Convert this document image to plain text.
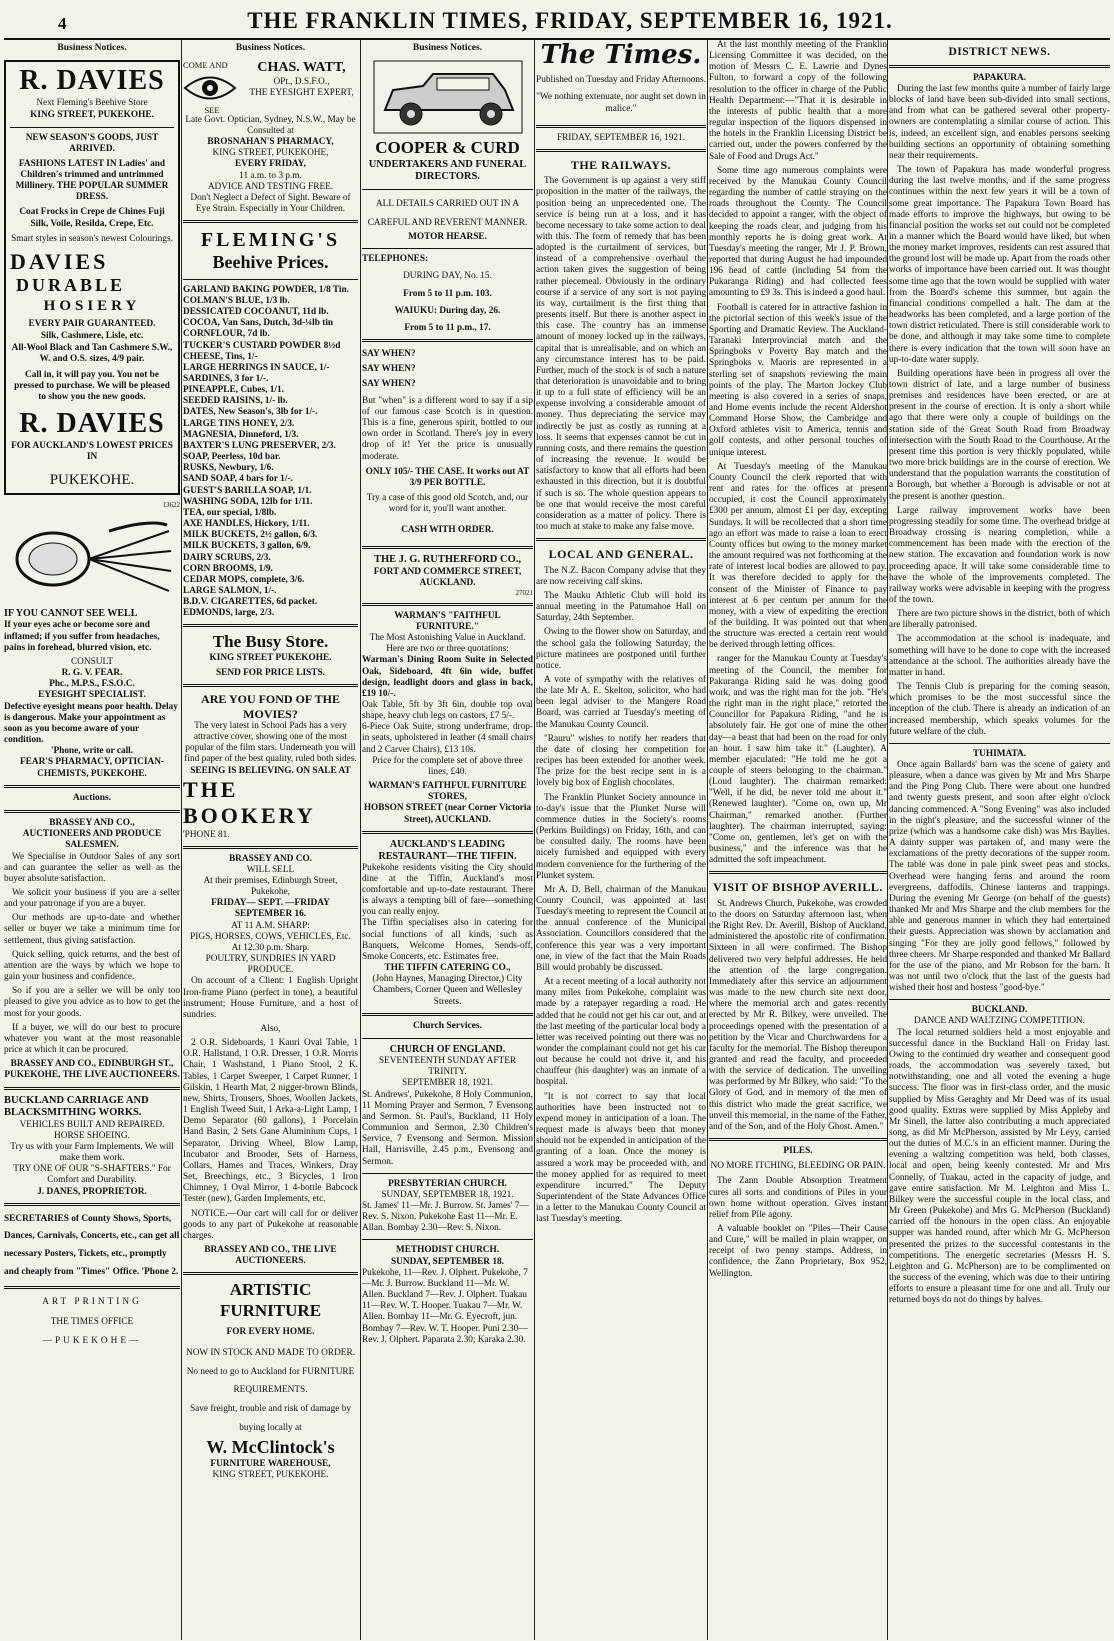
4	THE FRANKLIN TIMES, FRIDAY, SEPTEMBER 16, 1921.
Business Notices.

R. DAVIES

Next Fleming's Beehive Store

KING STREET, PUKEKOHE.

NEW SEASON'S GOODS, JUST ARRIVED.

FASHIONS LATEST IN Ladies' and Children's trimmed and untrimmed Millinery. THE POPULAR SUMMER DRESS.

Coat Frocks in Crepe de Chines Fuji Silk, Voile, Resilda, Crepe, Etc.

Smart styles in season's newest Colourings.

DAVIES
DURABLE
HOSIERY

EVERY PAIR GUARANTEED.

Silk, Cashmere, Lisle, etc.

All-Wool Black and Tan Cashmere S.W., W. and O.S. sizes, 4/9 pair.

Call in, it will pay you. You not be pressed to purchase. We will be pleased to show you the new goods.

R. DAVIES

FOR AUCKLAND'S LOWEST PRICES IN

PUKEKOHE.

13622
IF YOU CANNOT SEE WELL
If your eyes ache or become sore and inflamed; if you suffer from headaches, pains in forehead, blurred vision, etc.
CONSULT
R. G. V. FEAR.
Phc., M.P.S., F.S.O.C.
EYESIGHT SPECIALIST.
Defective eyesight means poor health. Delay is dangerous. Make your appointment as soon as you become aware of your condition.
'Phone, write or call.
FEAR'S PHARMACY, OPTICIAN-CHEMISTS, PUKEKOHE.
Auctions.
BRASSEY AND CO.,
AUCTIONEERS AND PRODUCE SALESMEN.

We Specialise in Outdoor Sales of any sort and can guarantee the seller as well as the buyer absolute satisfaction.

We solicit your business if you are a seller and your patronage if you are a buyer.

Our methods are up-to-date and whether seller or buyer we take a minimum time for settlement, thus giving satisfaction.

Quick selling, quick returns, and the best of attention are the ways by which we hope to gain your business and confidence.

So if you are a seller we will be only too pleased to give you advice as to how to get the most for your goods.

If a buyer, we will do our best to procure whatever you want at the most reasonable price at which it can be procured.

BRASSEY AND CO., EDINBURGH ST., PUKEKOHE, THE LIVE AUCTIONEERS.
BUCKLAND CARRIAGE AND BLACKSMITHING WORKS.
VEHICLES BUILT AND REPAIRED. HORSE SHOEING.
Try us with your Farm Implements. We will make them work.
TRY ONE OF OUR "S-SHAFTERS." For Comfort and Durability.
J. DANES, PROPRIETOR.
SECRETARIES of County Shows, Sports, Dances, Carnivals, Concerts, etc., can get all necessary Posters, Tickets, etc., promptly and cheaply from "Times" Office. 'Phone 2.
ART PRINTING
THE TIMES OFFICE
—PUKEKOHE—
Business Notices.
COME AND
SEE
CHAS. WATT,
OPt., D.S.F.O.,
THE EYESIGHT EXPERT,
Late Govt. Optician, Sydney, N.S.W., May be Consulted at
BROSNAHAN'S PHARMACY,
KING STREET, PUKEKOHE,
EVERY FRIDAY,
11 a.m. to 3 p.m.
ADVICE AND TESTING FREE.
Don't Neglect a Defect of Sight. Beware of Eye Strain. Especially in Your Children.
FLEMING'S
Beehive Prices.
GARLAND BAKING POWDER, 1/8 Tin.
COLMAN'S BLUE, 1/3 lb.
DESSICATED COCOANUT, 11d lb.
COCOA, Van Sans, Dutch, 3d-¼lb tin
CORNFLOUR, 7d lb.
TUCKER'S CUSTARD POWDER 8½d
CHEESE, Tins, 1/-
LARGE HERRINGS IN SAUCE, 1/-
SARDINES, 3 for 1/-.
PINEAPPLE, Cubes, 1/1.
SEEDED RAISINS, 1/- lb.
DATES, New Season's, 3lb for 1/-.
LARGE TINS HONEY, 2/3.
MAGNESIA, Dinneford, 1/3.
BAXTER'S LUNG PRESERVER, 2/3.
SOAP, Peerless, 10d bar.
RUSKS, Newbury, 1/6.
SAND SOAP, 4 bars for 1/-.
GUEST'S BARILLA SOAP, 1/1.
WASHING SODA, 12lb for 1/11.
TEA, our special, 1/8lb.
AXE HANDLES, Hickory, 1/11.
MILK BUCKETS, 2½ gallon, 6/3.
MILK BUCKETS, 3 gallon, 6/9.
DAIRY SCRUBS, 2/3.
CORN BROOMS, 1/9.
CEDAR MOPS, complete, 3/6.
LARGE SALMON, 1/-.
B.D.V. CIGARETTES, 6d packet.
EDMONDS, large, 2/3.
The Busy Store.
KING STREET PUKEKOHE.
SEND FOR PRICE LISTS.
ARE YOU FOND OF THE MOVIES?
The very latest in School Pads has a very attractive cover, showing one of the most popular of the film stars. Underneath you will find paper of the best quality, ruled both sides.
SEEING IS BELIEVING. ON SALE AT
THE BOOKERY
'PHONE 81.
BRASSEY AND CO.
WILL SELL
At their premises, Edinburgh Street, Pukekohe,
FRIDAY— SEPT. —FRIDAY SEPTEMBER 16.
AT 11 A.M. SHARP:
PIGS, HORSES, COWS, VEHICLES, Etc.
At 12.30 p.m. Sharp.
POULTRY, SUNDRIES IN YARD PRODUCE.

On account of a Client: 1 English Upright Iron-frame Piano (perfect in tone), a beautiful instrument; House Furniture, and a host of sundries.

Also,

2 O.R. Sideboards, 1 Kauri Oval Table, 1 O.R. Hallstand, 1 O.R. Dresser, 1 O.R. Morris Chair, 1 Washstand, 1 Piano Stool, 2 K. Tables, 1 Carpet Sweeper, 1 Carpet Runner, 1 Gilskin, 1 Hearth Mat, 2 nigger-brown Blinds, new, Shirts, Trousers, Shoes, Woollen Jackets, 1 English Tweed Suit, 1 Arka-a-Light Lamp, 1 Demo Separator (60 gallons), 1 Porcelain Hand Basin, 2 Sets Gane Aluminium Cups, 1 Separator, Driving Wheel, Blow Lamp, Incubator and Brooder, Sets of Harness, Collars, Hames and Traces, Winkers, Dray Set, Breechings, etc., 3 Bicycles, 1 Iron Chimney, 1 Oval Mirror, 1 4-bottle Babcock Tester (new), Garden Implements, etc.

NOTICE.—Our cart will call for or deliver goods to any part of Pukekohe at reasonable charges.

BRASSEY AND CO., THE LIVE AUCTIONEERS.
ARTISTIC FURNITURE
FOR EVERY HOME.
NOW IN STOCK AND MADE TO ORDER.
No need to go to Auckland for FURNITURE REQUIREMENTS.
Save freight, trouble and risk of damage by buying locally at
W. McClintock's
FURNITURE WAREHOUSE,
KING STREET, PUKEKOHE.
Business Notices.
COOPER & CURD
UNDERTAKERS AND FUNERAL DIRECTORS.
ALL DETAILS CARRIED OUT IN A CAREFUL AND REVERENT MANNER.
MOTOR HEARSE.
TELEPHONES:
DURING DAY, No. 15.
From 5 to 11 p.m. 103.
WAIUKU: During day, 26.
From 5 to 11 p.m., 17.
SAY WHEN?
SAY WHEN?
SAY WHEN?
But "when" is a different word to say if a sip of our famous case Scotch is in question. This is a fine, generous spirit, bottled to our own order in Scotland. There's joy in every drop of it! Yet the price is unusually moderate.
ONLY 105/- THE CASE. It works out AT 3/9 PER BOTTLE.
Try a case of this good old Scotch, and, our word for it, you'll want another.
CASH WITH ORDER.
THE J. G. RUTHERFORD CO.,
FORT AND COMMERCE STREET, AUCKLAND.
27021
WARMAN'S "FAITHFUL FURNITURE."
The Most Astonishing Value in Auckland. Here are two or three quotations:
Warman's Dining Room Suite in Selected Oak, Sideboard, 4ft 6in wide, buffet design, leadlight doors and glass in back, £19 10/-.
Oak Table, 5ft by 3ft 6in, double top oval shape, heavy club legs on castors, £7 5/-.
6-Piece Oak Suite, strong underframe, drop-in seats, upholstered in leather (4 small chairs and 2 Carver Chairs), £13 10s.
Price for the complete set of above three lines, £40.
WARMAN'S FAITHFUL FURNITURE STORES,
HOBSON STREET (near Corner Victoria Street), AUCKLAND.
AUCKLAND'S LEADING RESTAURANT—THE TIFFIN.
Pukekohe residents visiting the City should dine at the Tiffin, Auckland's most comfortable and up-to-date restaurant. There is always a tempting bill of fare—something you can really enjoy.
The Tiffin specialises also in catering for social functions of all kinds, such as Banquets, Welcome Homes, Sends-off, Smoke Concerts, etc. Estimates free.
THE TIFFIN CATERING CO.,
(John Haynes, Managing Director,) City Chambers, Corner Queen and Wellesley Streets.
Church Services.
CHURCH OF ENGLAND.
SEVENTEENTH SUNDAY AFTER TRINITY.
SEPTEMBER 18, 1921.
St. Andrews', Pukekohe, 8 Holy Communion, 11 Morning Prayer and Sermon, 7 Evensong and Sermon. St. Paul's, Buckland, 11 Holy Communion and Sermon, 2.30 Children's Service, 7 Evensong and Sermon. Mission Hall, Harrisville, 2.45 p.m., Evensong and Sermon.
PRESBYTERIAN CHURCH.
SUNDAY, SEPTEMBER 18, 1921.
St. James' 11—Mr. J. Burrow. St. James' 7—Rev. S. Nixon. Pukekohe East 11—Mr. E. Allan. Bombay 2.30—Rev. S. Nixon.
METHODIST CHURCH.
SUNDAY, SEPTEMBER 18.
Pukekohe, 11—Rev. J. Olphert. Pukekohe, 7—Mr. J. Burrow. Buckland 11—Mr. W. Allen. Buckland 7—Rev. J. Olphert. Tuakau 11—Rev. W. T. Hooper. Tuakau 7—Mr. W. Allen. Bombay 11—Mr. G. Eyecroft, jun. Bombay 7—Rev. W. T. Hooper. Puni 2.30—Rev. J. Olphert. Paparata 2.30; Karaka 2.30.
The Times.
Published on Tuesday and Friday Afternoons.
"We nothing extenuate, nor aught set down in malice."
FRIDAY, SEPTEMBER 16, 1921.
THE RAILWAYS.

The Government is up against a very stiff proposition in the matter of the railways, the position being an unprecedented one. The service is being run at a loss, and it has become necessary to take some action to deal with this. The form of remedy that has been adopted is the curtailment of services, but instead of a comprehensive overhaul the action taken gives the suggestion of being rather piecemeal. Obviously in the ordinary course if a service of any sort is not paying its way, curtailment is the first thing that presents itself. But there is another aspect in this case. The country has an immense amount of money locked up in the railways, capital that is unrealisable, and on which an any circumstance interest has to be paid. Further, much of the stock is of such a nature that deterioration is unavoidable and to bring it up to a full state of efficiency will be an expense involving a considerable amount of money. Thus depreciating the service may indirectly be just as costly as running at a loss. It seems that expenses cannot be cut in running costs, and there remains the question of increasing the revenue. It would be satisfactory to know that all efforts had been exhausted in this direction, but it is doubtful if such is so. The whole question appears to be one that would receive the most careful consideration as a matter of policy. There is too much at stake to make any false move.

LOCAL AND GENERAL.

The N.Z. Bacon Company advise that they are now receiving calf skins.

The Mauku Athletic Club will hold its annual meeting in the Patumahoe Hall on Saturday, 24th September.

Owing to the flower show on Saturday, and the school gala the following Saturday, the picture matinees are postponed until further notice.

A vote of sympathy with the relatives of the late Mr A. E. Skelton, solicitor, who had been legal adviser to the Mangere Road Board, was carried at Tuesday's meeting of the Manukau County Council.

"Rauru" wishes to notify her readers that the date of closing her competition for recipes has been extended for another week. The prize for the best recipe sent in is a lovely big box of English chocolates.

The Franklin Plunket Society announce in to-day's issue that the Plunket Nurse will commence duties in the Society's rooms (Perkins Buildings) on Friday, 16th, and can be consulted daily. The rooms have been nicely furnished and equipped with every modern convenience for the furthering of the Plunket system.

Mr A. D. Bell, chairman of the Manukau County Council, was appointed at last Tuesday's meeting to represent the Council at the annual conference of the Municipal Association. Councillors considered that the conference this year was a very important one, in view of the fact that the Main Roads Bill would probably be discussed.

At a recent meeting of a local authority not many miles from Pukekohe, complaint was made by a ratepayer regarding a road. He added that he could not get his car out, and at the last meeting of the particular local body a letter was received pointing out there was no wonder the complainant could not get his car out because he could not drive it, and his chauffeur (his daughter) was an inmate of a hospital.

"It is not correct to say that local authorities have been instructed not to expend money in anticipation of a loan. The request made is always been that money should not be expended in anticipation of the granting of a loan. Once the money is assured a work may be proceeded with, and the money applied for as required to meet expenditure incurred." The Deputy Superintendent of the State Advances Office in a letter to the Manukau County Council at last Tuesday's meeting.

At the last monthly meeting of the Franklin Licensing Committee it was decided, on the motion of Messrs C. E. Lawrie and Dynes Fulton, to forward a copy of the following resolution to the officer in charge of the Public Health Department:—"That it is desirable in the interests of public health that a more regular inspection of the liquors dispensed in the hotels in the Franklin Licensing District be carried out, under the powers conferred by the Sale of Food and Drugs Act."

Some time ago numerous complaints were received by the Manukau County Council regarding the number of cattle straying on the roads throughout the County. The Council decided to appoint a ranger, with the object of keeping the roads clear, and judging from his monthly reports he is doing great work. At Tuesday's meeting the ranger, Mr J. P. Brown, reported that during August he had impounded 196 head of cattle (including 54 from the Pukaranga Riding) and had collected fees amounting to £9 3s. This is indeed a good haul.

Football is catered for in attractive fashion in the pictorial section of this week's issue of the Sporting and Dramatic Review. The Auckland-Taranaki Interprovincial match and the Springboks v Poverty Bay match and the Springboks v. Maoris are represented in a sterling set of snapshots reviewing the main points of the play. The Marton Jockey Club meeting is also covered in a series of snaps, and Home events include the recent Aldershot Command Horse Show, the Cambridge and Oxford athletes visit to America, tennis and golf contests, and other personal touches of unique interest.

At Tuesday's meeting of the Manukau County Council the clerk reported that with rent and rates for the offices at present occupied, it cost the Council approximately £300 per annum, almost £1 per day, excepting Sundays. It will be recollected that a short time ago an effort was made to raise a loan to erect County offices but owing to the money market the amount required was not forthcoming at the rate of interest local bodies are allowed to pay. It was therefore decided to apply for the consent of the Minister of Finance to pay interest at 6 per centum per annum for the money, with a view of expediting the erection of the building. It was pointed out that when the structure was erected a certain rent would be derived through letting offices.

ranger for the Manukau County at Tuesday's meeting of the Council, the member for Pakuranga Riding said he was doing good work, and was the right man for the job. "He's the right man in the right place," retorted the Councillor for Papakura Riding, "and he is absolutely fair. He got one of mine the other day—a beast that had been on the road for only an hour. I saw him take it." (Laughter). A member ejaculated: "He told me he got a couple of steers belonging to the chairman." (Loud laughter). The chairman remarked: "Well, if he did, he never told me about it." (Renewed laughter). "Come on, own up, Mr Chairman," remarked another. (Further laughter). The chairman interrupted, saying: "Come on, gentlemen, let's get on with the business," and the inference was that he admitted the soft impeachment.

VISIT OF BISHOP AVERILL.

St. Andrews Church, Pukekohe, was crowded to the doors on Saturday afternoon last, when the Right Rev. Dr. Averill, Bishop of Auckland, administered the apostolic rite of confirmation. Sixteen in all were confirmed. The Bishop delivered two very helpful addresses. He held the attention of the large congregation. Immediately after this service an adjournment was made to the new church site next door, where the memorial arch and gates recently erected by Mr R. Bilkey, were unveiled. The proceedings opened with the presentation of a petition by the Vicar and Churchwardens for a faculty for the memorial. The Bishop thereupon granted and read the faculty, and proceeded with the service of dedication. The unveiling was performed by Mr Bilkey, who said: "To the Glory of God, and in memory of the men of this district who made the great sacrifice, we unveil this memorial, in the name of the Father, and of the Son, and of the Holy Ghost. Amen."

PILES.
NO MORE ITCHING, BLEEDING OR PAIN.

The Zann Double Absorption Treatment cures all sorts and conditions of Piles in your own home without operation. Gives instant relief from Pile agony.

A valuable booklet on "Piles—Their Cause and Cure," will be mailed in plain wrapper, on receipt of two penny stamps. Address, in confidence, the Zann Proprietary, Box 952, Wellington.

DISTRICT NEWS.
PAPAKURA.

During the last few months quite a number of fairly large blocks of land have been sub-divided into small sections, and from what can be gathered several other property-owners are contemplating a similar course of action. This is, indeed, an excellent sign, and enables persons seeking building sections an opportunity of obtaining something near their requirements.

The town of Papakura has made wonderful progress during the last twelve months, and if the same progress continues within the next few years it will be a town of some great importance. The Papakura Town Board has made efforts to improve the highways, but owing to be financial position the works set out could not be completed in a manner which the Board would have liked, but when the money market improves, residents can rest assured that the ground lost will be made up. Apart from the roads other works of importance have been carried out. It was thought some time ago that the town would be supplied with water from the Board's scheme this summer, but again the financial conditions compelled a halt. The dam at the headworks has been completed, and a large portion of the town district reticulated. There is still considerable work to be done, and although it may take some time to complete there is every indication that the town will soon have an up-to-date water supply.

Building operations have been in progress all over the town district of late, and a large number of business premises and residences have been erected, or are at present in the course of erection. It is only a short while ago that there were only a couple of buildings on the station side of the Great South Road from Broadway intersection with the South Road to the Courthouse. At the present time this portion is very thickly populated, while two more brick buildings are in the course of erection. We understand that the population warrants the constitution of a Borough, but whether a Borough is advisable or not at the present is another question.

Large railway improvement works have been progressing steadily for some time. The overhead bridge at Broadway crossing is nearing completion, while a commencement has been made with the erection of the new station. The excavation and foundation work is now proceeding apace. It will take some considerable time to have the whole of the improvements completed. The railway works were advisable in keeping with the progress of the town.

There are two picture shows in the district, both of which are liberally patronised.

The accommodation at the school is inadequate, and something will have to be done to cope with the increased attendance at the school. The authorities already have the matter in hand.

The Tennis Club is preparing for the coming season, which promises to be the most successful since the inception of the club. There is already an indication of an increased membership, which speaks volumes for the future welfare of the club.

TUHIMATA.

Once again Ballards' barn was the scene of gaiety and pleasure, when a dance was given by Mr and Mrs Sharpe and the Ping Pong Club. There were about one hundred and twenty guests present, and soon after eight o'clock dancing commenced. A "Song Evening" was also included in the night's pleasure, and the successful winner of the prize (which was a handsome cake dish) was Mrs Baylies. A dainty supper was partaken of, and many were the exclamations of the pretty decorations of the supper room. The table was done in pale pink sweet peas and stocks. Overhead were hanging ferns and around the room evergreens, daffodils, Chinese lanterns and trappings. During the evening Mr George (on behalf of the guests) thanked Mr and Mrs Sharpe and the club members for the able and generous manner in which they had entertained their guests. Appreciation was shown by acclamation and singing "For they are jolly good fellows," followed by three cheers. Mr Sharpe responded and thanked Mr Ballard for the use of the piano, and Mr Robson for the barn. It was not until two o'clock that the last of the guests had wished their host and hostess "good-bye."

BUCKLAND.
DANCE AND WALTZING COMPETITION.

The local returned soldiers held a most enjoyable and successful dance in the Buckland Hall on Friday last. Owing to the continued dry weather and consequent good roads, the accommodation was severely taxed, but notwithstanding, one and all voted the evening a huge success. The floor was in first-class order, and the music supplied by Miss Geraghty and Mr Deed was of its usual good quality. Extras were supplied by Miss Appleby and Mr Sinell, the latter also contributing a much appreciated song, as did Mr McPherson, assisted by Mr Leyy, carried out the duties of M.C.'s in an efficient manner. During the evening a waltzing competition was held, both classes, local and open, being keenly contested. Mr and Mrs Connelly, of Tuakau, acted in the capacity of judge, and gave entire satisfaction. Mr M. Leighton and Miss L. Bilkey were the successful couple in the local class, and Mr Green (Pukekohe) and Mrs G. McPherson (Buckland) carried off the honours in the open class. An enjoyable supper was handed round, after which Mr G. McPherson presented the prizes to the successful contestants in the competitions. The energetic secretaries (Messrs H. S. Leighton and G. McPherson) are to be complimented on the success of the evening, which was due to their untiring efforts to ensure a pleasant time for one and all. Truly our returned boys do not do things by halves.
